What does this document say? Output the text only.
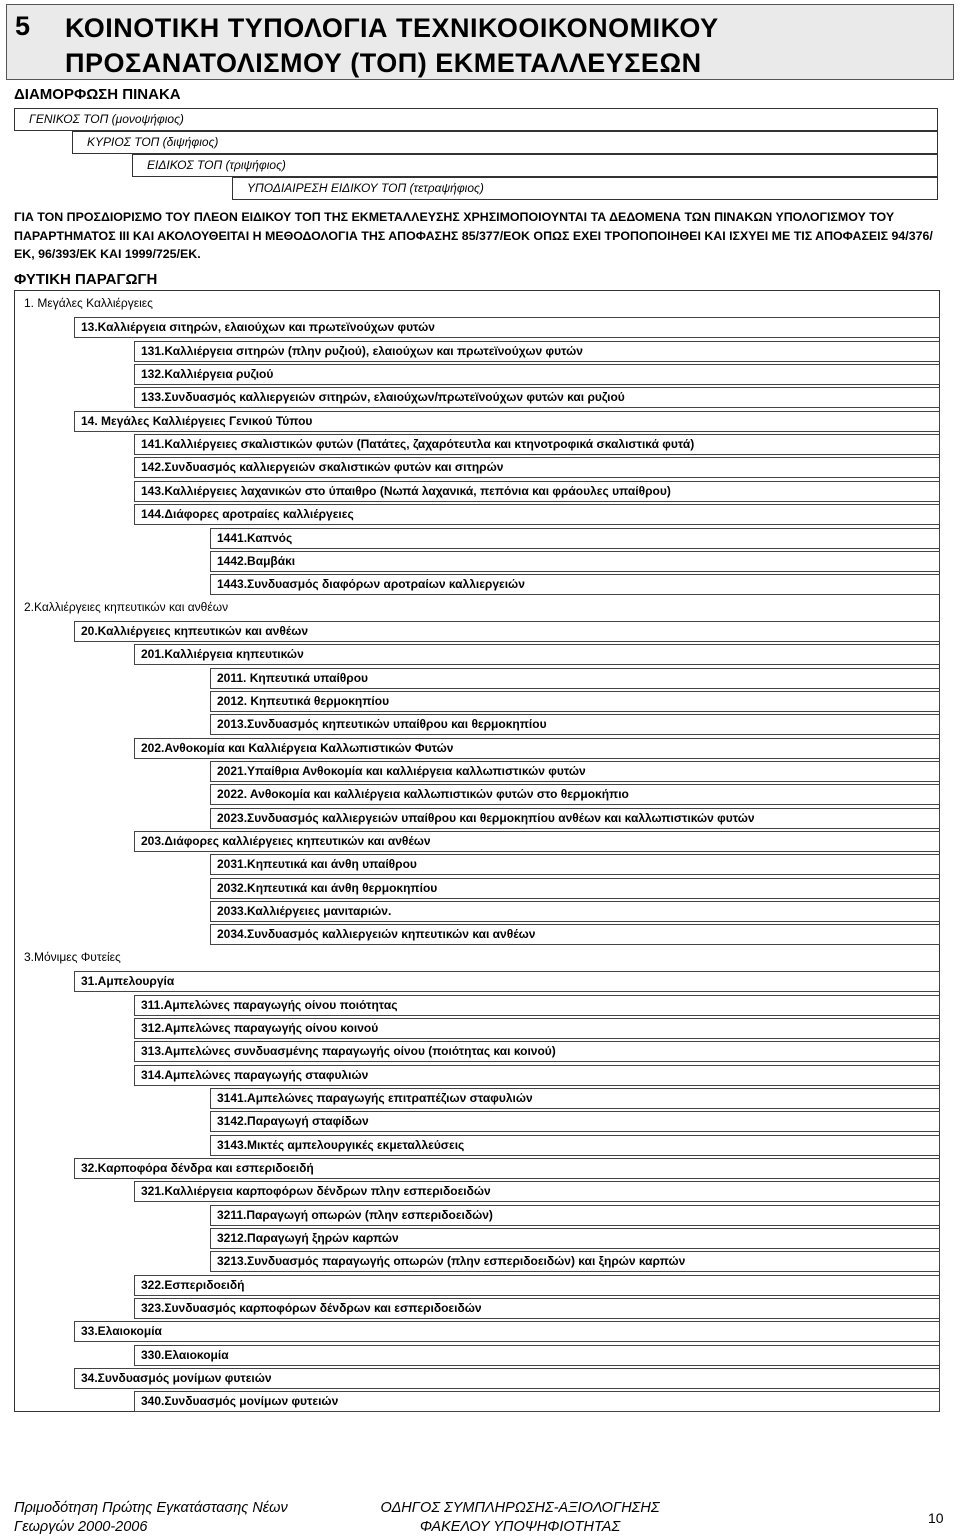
5 ΚΟΙΝΟΤΙΚΗ ΤΥΠΟΛΟΓΙΑ ΤΕΧΝΙΚΟΟΙΚΟΝΟΜΙΚΟΥ ΠΡΟΣΑΝΑΤΟΛΙΣΜΟΥ (ΤΟΠ) ΕΚΜΕΤΑΛΛΕΥΣΕΩΝ
ΔΙΑΜΟΡΦΩΣΗ ΠΙΝΑΚΑ
ΓΕΝΙΚΟΣ ΤΟΠ (μονοψήφιος)
ΚΥΡΙΟΣ ΤΟΠ (διψήφιος)
ΕΙΔΙΚΟΣ ΤΟΠ (τριψήφιος)
ΥΠΟΔΙΑΙΡΕΣΗ ΕΙΔΙΚΟΥ ΤΟΠ (τετραψήφιος)
ΓΙΑ ΤΟΝ ΠΡΟΣΔΙΟΡΙΣΜΟ ΤΟΥ ΠΛΕΟΝ ΕΙΔΙΚΟΥ ΤΟΠ ΤΗΣ ΕΚΜΕΤΑΛΛΕΥΣΗΣ ΧΡΗΣΙΜΟΠΟΙΟΥΝΤΑΙ ΤΑ ΔΕΔΟΜΕΝΑ ΤΩΝ ΠΙΝΑΚΩΝ ΥΠΟΛΟΓΙΣΜΟΥ ΤΟΥ ΠΑΡΑΡΤΗΜΑΤΟΣ III ΚΑΙ ΑΚΟΛΟΥΘΕΙΤΑΙ Η ΜΕΘΟΔΟΛΟΓΙΑ ΤΗΣ ΑΠΟΦΑΣΗΣ 85/377/ΕΟΚ ΟΠΩΣ ΕΧΕΙ ΤΡΟΠΟΠΟΙΗΘΕΙ ΚΑΙ ΙΣΧΥΕΙ ΜΕ ΤΙΣ ΑΠΟΦΑΣΕΙΣ 94/376/ΕΚ, 96/393/ΕΚ ΚΑΙ 1999/725/ΕΚ.
ΦΥΤΙΚΗ ΠΑΡΑΓΩΓΗ
1. Μεγάλες Καλλιέργειες
13.Καλλιέργεια σιτηρών, ελαιούχων και πρωτεϊνούχων φυτών
131.Καλλιέργεια σιτηρών (πλην ρυζιού), ελαιούχων και πρωτεϊνούχων φυτών
132.Καλλιέργεια ρυζιού
133.Συνδυασμός καλλιεργειών σιτηρών, ελαιούχων/πρωτεϊνούχων φυτών και ρυζιού
14. Μεγάλες Καλλιέργειες Γενικού Τύπου
141.Καλλιέργειες σκαλιστικών φυτών (Πατάτες, ζαχαρότευτλα και κτηνοτροφικά σκαλιστικά φυτά)
142.Συνδυασμός καλλιεργειών σκαλιστικών φυτών και σιτηρών
143.Καλλιέργειες λαχανικών στο ύπαιθρο (Νωπά λαχανικά, πεπόνια και φράουλες υπαίθρου)
144.Διάφορες αροτραίες καλλιέργειες
1441.Καπνός
1442.Βαμβάκι
1443.Συνδυασμός διαφόρων αροτραίων καλλιεργειών
2.Καλλιέργειες κηπευτικών και ανθέων
20.Καλλιέργειες κηπευτικών και ανθέων
201.Καλλιέργεια κηπευτικών
2011. Κηπευτικά υπαίθρου
2012. Κηπευτικά θερμοκηπίου
2013.Συνδυασμός κηπευτικών υπαίθρου και θερμοκηπίου
202.Ανθοκομία και Καλλιέργεια Καλλωπιστικών Φυτών
2021.Υπαίθρια Ανθοκομία και καλλιέργεια καλλωπιστικών φυτών
2022. Ανθοκομία και καλλιέργεια καλλωπιστικών φυτών στο θερμοκήπιο
2023.Συνδυασμός καλλιεργειών υπαίθρου και θερμοκηπίου ανθέων και καλλωπιστικών φυτών
203.Διάφορες καλλιέργειες κηπευτικών και ανθέων
2031.Κηπευτικά και άνθη υπαίθρου
2032.Κηπευτικά και άνθη θερμοκηπίου
2033.Καλλιέργειες μανιταριών.
2034.Συνδυασμός καλλιεργειών κηπευτικών και ανθέων
3.Μόνιμες Φυτείες
31.Αμπελουργία
311.Αμπελώνες παραγωγής οίνου ποιότητας
312.Αμπελώνες παραγωγής οίνου κοινού
313.Αμπελώνες συνδυασμένης παραγωγής οίνου (ποιότητας και κοινού)
314.Αμπελώνες παραγωγής σταφυλιών
3141.Αμπελώνες παραγωγής επιτραπέζιων σταφυλιών
3142.Παραγωγή σταφίδων
3143.Μικτές αμπελουργικές εκμεταλλεύσεις
32.Καρποφόρα δένδρα και εσπεριδοειδή
321.Καλλιέργεια καρποφόρων δένδρων πλην εσπεριδοειδών
3211.Παραγωγή οπωρών (πλην εσπεριδοειδών)
3212.Παραγωγή ξηρών καρπών
3213.Συνδυασμός παραγωγής οπωρών (πλην εσπεριδοειδών) και ξηρών καρπών
322.Εσπεριδοειδή
323.Συνδυασμός καρποφόρων δένδρων και εσπεριδοειδών
33.Ελαιοκομία
330.Ελαιοκομία
34.Συνδυασμός μονίμων φυτειών
340.Συνδυασμός μονίμων φυτειών
Πριμοδότηση Πρώτης Εγκατάστασης Νέων
Γεωργών 2000-2006
ΟΔΗΓΟΣ ΣΥΜΠΛΗΡΩΣΗΣ-ΑΞΙΟΛΟΓΗΣΗΣ
ΦΑΚΕΛΟΥ ΥΠΟΨΗΦΙΟΤΗΤΑΣ
10
